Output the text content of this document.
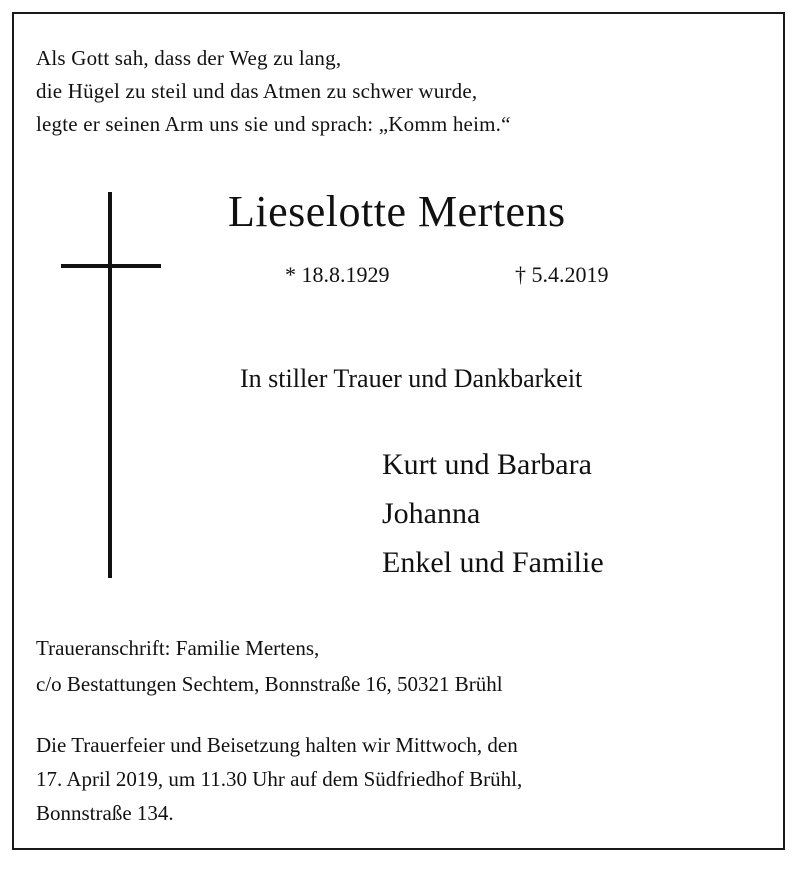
Als Gott sah, dass der Weg zu lang,
die Hügel zu steil und das Atmen zu schwer wurde,
legte er seinen Arm uns sie und sprach: „Komm heim.“
Lieselotte Mertens
* 18.8.1929	† 5.4.2019
In stiller Trauer und Dankbarkeit
Kurt und Barbara
Johanna
Enkel und Familie
Traueranschrift: Familie Mertens,
c/o Bestattungen Sechtem, Bonnstraße 16, 50321 Brühl
Die Trauerfeier und Beisetzung halten wir Mittwoch, den
17. April 2019, um 11.30 Uhr auf dem Südfriedhof Brühl,
Bonnstraße 134.
